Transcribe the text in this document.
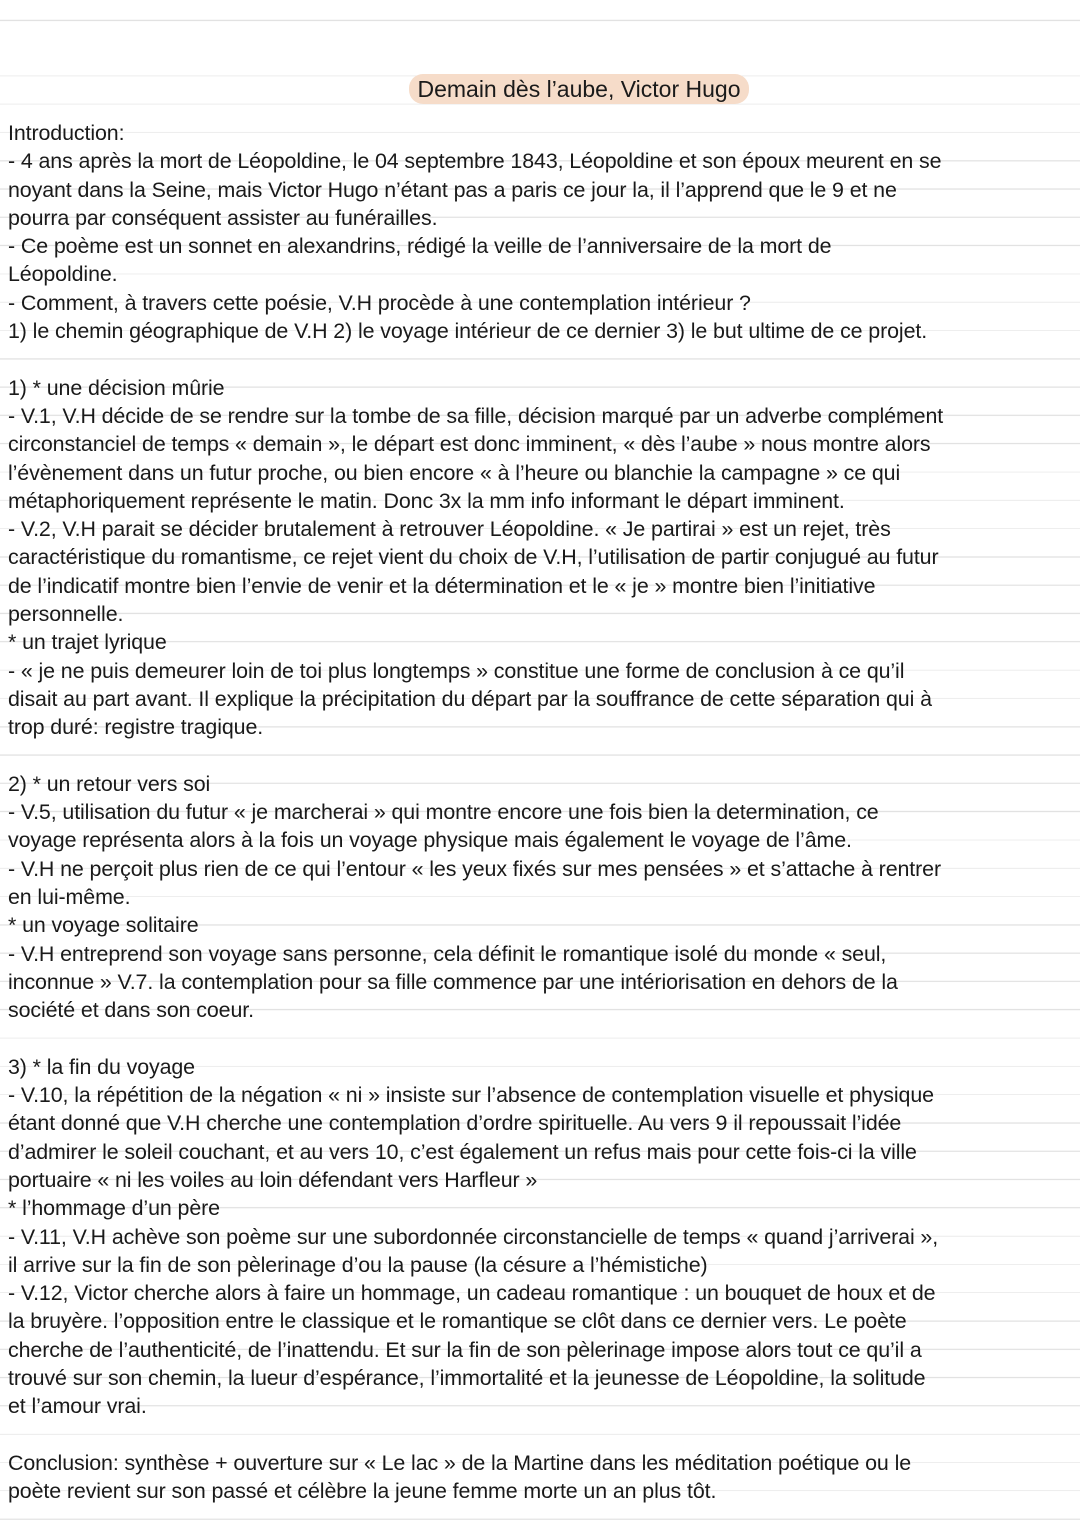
Demain dès l’aube, Victor Hugo

Introduction:

- 4 ans après la mort de Léopoldine, le 04 septembre 1843, Léopoldine et son époux meurent en se

noyant dans la Seine, mais Victor Hugo n’étant pas a paris ce jour la, il l’apprend que le 9 et ne

pourra par conséquent assister au funérailles.

- Ce poème est un sonnet en alexandrins, rédigé la veille de l’anniversaire de la mort de

Léopoldine.

- Comment, à travers cette poésie, V.H procède à une contemplation intérieur ?

1) le chemin géographique de V.H 2) le voyage intérieur de ce dernier 3) le but ultime de ce projet.

1) * une décision mûrie

- V.1, V.H décide de se rendre sur la tombe de sa fille, décision marqué par un adverbe complément

circonstanciel de temps « demain », le départ est donc imminent, « dès l’aube » nous montre alors

l’évènement dans un futur proche, ou bien encore « à l’heure ou blanchie la campagne » ce qui

métaphoriquement représente le matin. Donc 3x la mm info informant le départ imminent.

- V.2, V.H parait se décider brutalement à retrouver Léopoldine. « Je partirai » est un rejet, très

caractéristique du romantisme, ce rejet vient du choix de V.H, l’utilisation de partir conjugué au futur

de l’indicatif montre bien l’envie de venir et la détermination et le « je » montre bien l’initiative

personnelle.

* un trajet lyrique

- « je ne puis demeurer loin de toi plus longtemps » constitue une forme de conclusion à ce qu’il

disait au part avant. Il explique la précipitation du départ par la souffrance de cette séparation qui à

trop duré: registre tragique.

2) * un retour vers soi

- V.5, utilisation du futur « je marcherai » qui montre encore une fois bien la determination, ce

voyage représenta alors à la fois un voyage physique mais également le voyage de l’âme.

- V.H ne perçoit plus rien de ce qui l’entour « les yeux fixés sur mes pensées » et s’attache à rentrer

en lui-même.

* un voyage solitaire

- V.H entreprend son voyage sans personne, cela définit le romantique isolé du monde « seul,

inconnue » V.7. la contemplation pour sa fille commence par une intériorisation en dehors de la

société et dans son coeur.

3) * la fin du voyage

- V.10, la répétition de la négation « ni » insiste sur l’absence de contemplation visuelle et physique

étant donné que V.H cherche une contemplation d’ordre spirituelle. Au vers 9 il repoussait l’idée

d’admirer le soleil couchant, et au vers 10, c’est également un refus mais pour cette fois-ci la ville

portuaire « ni les voiles au loin défendant vers Harfleur »

* l’hommage d’un père

- V.11, V.H achève son poème sur une subordonnée circonstancielle de temps « quand j’arriverai »,

il arrive sur la fin de son pèlerinage d’ou la pause (la césure a l’hémistiche)

- V.12, Victor cherche alors à faire un hommage, un cadeau romantique : un bouquet de houx et de

la bruyère. l’opposition entre le classique et le romantique se clôt dans ce dernier vers. Le poète

cherche de l’authenticité, de l’inattendu. Et sur la fin de son pèlerinage impose alors tout ce qu’il a

trouvé sur son chemin, la lueur d’espérance, l’immortalité et la jeunesse de Léopoldine, la solitude

et l’amour vrai.

Conclusion: synthèse + ouverture sur « Le lac » de la Martine dans les méditation poétique ou le

poète revient sur son passé et célèbre la jeune femme morte un an plus tôt.
